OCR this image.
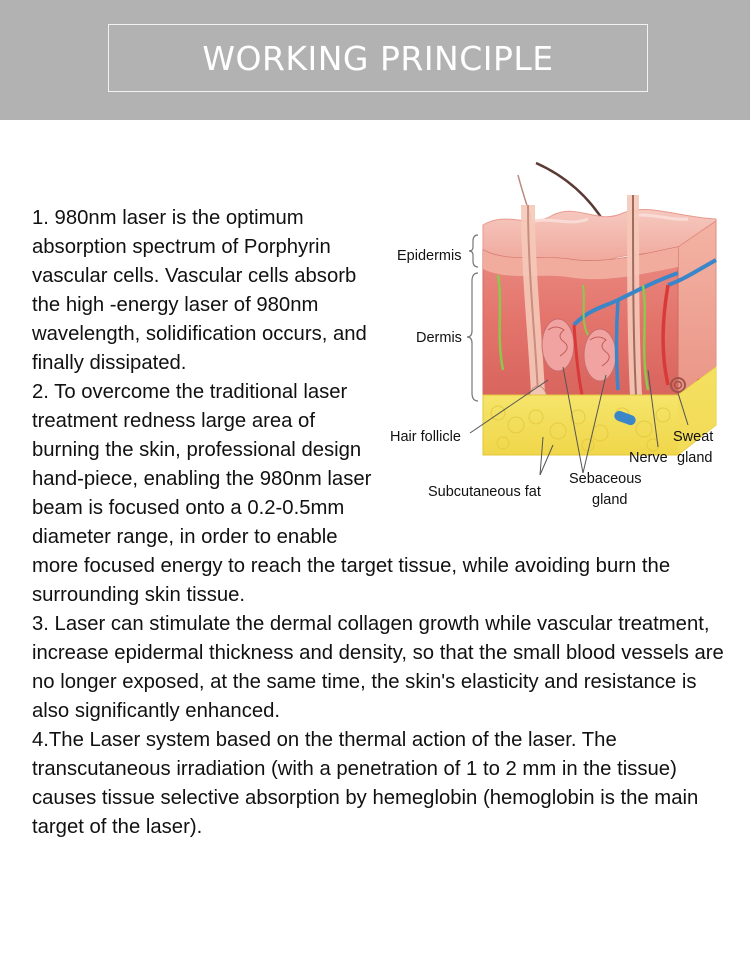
WORKING PRINCIPLE
Epidermis
Dermis
Hair follicle
Subcutaneous fat
Sebaceous
gland
Nerve
Sweat
gland

1. 980nm laser is the optimum absorption spectrum of Porphyrin vascular cells. Vascular cells absorb the high -energy laser of 980nm wavelength, solidification occurs, and finally dissipated.

2. To overcome the traditional laser treatment redness large area of burning the skin, professional design hand-piece, enabling the 980nm laser beam is focused onto a 0.2-0.5mm diameter range, in order to enable more focused energy to reach the target tissue, while avoiding burn the surrounding skin tissue.

3. Laser can stimulate the dermal collagen growth while vascular treatment, increase epidermal thickness and density, so that the small blood vessels are no longer exposed, at the same time, the skin's elasticity and resistance is also significantly enhanced.

4.The Laser system based on the thermal action of the laser. The transcutaneous irradiation (with a penetration of 1 to 2 mm in the tissue) causes tissue selective absorption by hemeglobin (hemoglobin is the main target of the laser).
